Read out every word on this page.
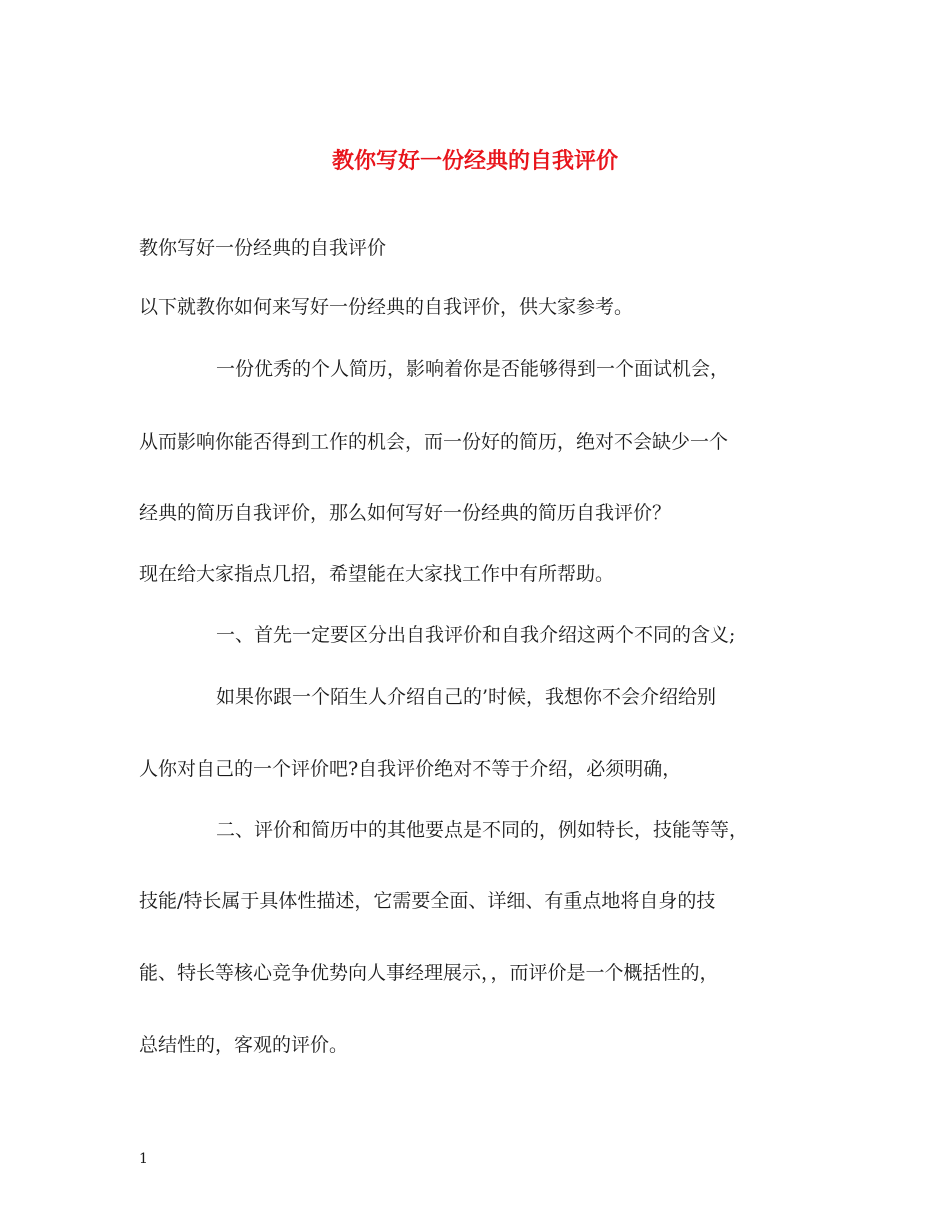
教你写好一份经典的自我评价
教你写好一份经典的自我评价
以下就教你如何来写好一份经典的自我评价，供大家参考。
一份优秀的个人简历，影响着你是否能够得到一个面试机会，
从而影响你能否得到工作的机会，而一份好的简历，绝对不会缺少一个
经典的简历自我评价，那么如何写好一份经典的简历自我评价？
现在给大家指点几招，希望能在大家找工作中有所帮助。
一、首先一定要区分出自我评价和自我介绍这两个不同的含义;
如果你跟一个陌生人介绍自己的’时候，我想你不会介绍给别
人你对自己的一个评价吧?自我评价绝对不等于介绍，必须明确，
二、评价和简历中的其他要点是不同的，例如特长，技能等等，
技能/特长属于具体性描述，它需要全面、详细、有重点地将自身的技
能、特长等核心竞争优势向人事经理展示，，而评价是一个概括性的，
总结性的，客观的评价。
1
